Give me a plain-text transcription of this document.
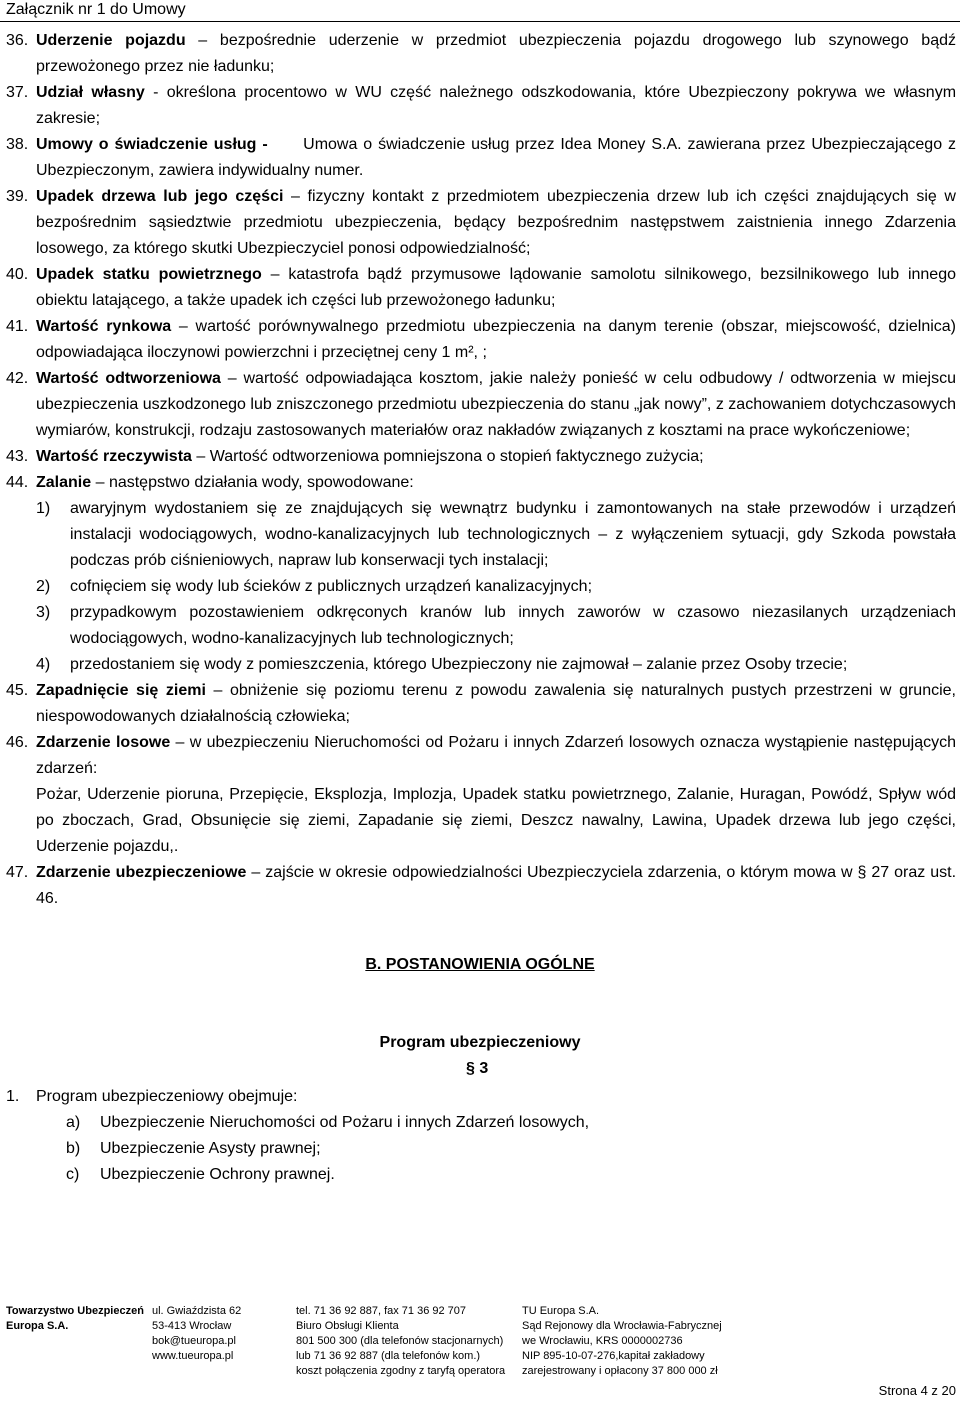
Załącznik nr 1 do Umowy
36. Uderzenie pojazdu – bezpośrednie uderzenie w przedmiot ubezpieczenia pojazdu drogowego lub szynowego bądź przewożonego przez nie ładunku;
37. Udział własny - określona procentowo w WU część należnego odszkodowania, które Ubezpieczony pokrywa we własnym zakresie;
38. Umowy o świadczenie usług - Umowa o świadczenie usług przez Idea Money S.A. zawierana przez Ubezpieczającego z Ubezpieczonym, zawiera indywidualny numer.
39. Upadek drzewa lub jego części – fizyczny kontakt z przedmiotem ubezpieczenia drzew lub ich części znajdujących się w bezpośrednim sąsiedztwie przedmiotu ubezpieczenia, będący bezpośrednim następstwem zaistnienia innego Zdarzenia losowego, za którego skutki Ubezpieczyciel ponosi odpowiedzialność;
40. Upadek statku powietrznego – katastrofa bądź przymusowe lądowanie samolotu silnikowego, bezsilnikowego lub innego obiektu latającego, a także upadek ich części lub przewożonego ładunku;
41. Wartość rynkowa – wartość porównywalnego przedmiotu ubezpieczenia na danym terenie (obszar, miejscowość, dzielnica) odpowiadająca iloczynowi powierzchni i przeciętnej ceny 1 m², ;
42. Wartość odtworzeniowa – wartość odpowiadająca kosztom, jakie należy ponieść w celu odbudowy / odtworzenia w miejscu ubezpieczenia uszkodzonego lub zniszczonego przedmiotu ubezpieczenia do stanu „jak nowy”, z zachowaniem dotychczasowych wymiarów, konstrukcji, rodzaju zastosowanych materiałów oraz nakładów związanych z kosztami na prace wykończeniowe;
43. Wartość rzeczywista – Wartość odtworzeniowa pomniejszona o stopień faktycznego zużycia;
44. Zalanie – następstwo działania wody, spowodowane:
1)	awaryjnym wydostaniem się ze znajdujących się wewnątrz budynku i zamontowanych na stałe przewodów i urządzeń instalacji wodociągowych, wodno-kanalizacyjnych lub technologicznych – z wyłączeniem sytuacji, gdy Szkoda powstała podczas prób ciśnieniowych, napraw lub konserwacji tych instalacji;
2)	cofnięciem się wody lub ścieków z publicznych urządzeń kanalizacyjnych;
3)	przypadkowym pozostawieniem odkręconych kranów lub innych zaworów w czasowo niezasilanych urządzeniach wodociągowych, wodno-kanalizacyjnych lub technologicznych;
4)	przedostaniem się wody z pomieszczenia, którego Ubezpieczony nie zajmował – zalanie przez Osoby trzecie;
45. Zapadnięcie się ziemi – obniżenie się poziomu terenu z powodu zawalenia się naturalnych pustych przestrzeni w gruncie, niespowodowanych działalnością człowieka;
46. Zdarzenie losowe – w ubezpieczeniu Nieruchomości od Pożaru i innych Zdarzeń losowych oznacza wystąpienie następujących zdarzeń:
Pożar, Uderzenie pioruna, Przepięcie, Eksplozja, Implozja, Upadek statku powietrznego, Zalanie, Huragan, Powódź, Spływ wód po zboczach, Grad, Obsunięcie się ziemi, Zapadanie się ziemi, Deszcz nawalny, Lawina, Upadek drzewa lub jego części, Uderzenie pojazdu,.
47. Zdarzenie ubezpieczeniowe – zajście w okresie odpowiedzialności Ubezpieczyciela zdarzenia, o którym mowa w § 27 oraz ust. 46.
B. POSTANOWIENIA OGÓLNE
Program ubezpieczeniowy
§ 3
1.	Program ubezpieczeniowy obejmuje:
a)	Ubezpieczenie Nieruchomości od Pożaru i innych Zdarzeń losowych,
b)	Ubezpieczenie Asysty prawnej;
c)	Ubezpieczenie Ochrony prawnej.
Towarzystwo Ubezpieczeń
Europa S.A.
ul. Gwiaździsta 62
53-413 Wrocław
bok@tueuropa.pl
www.tueuropa.pl
tel. 71 36 92 887, fax 71 36 92 707
Biuro Obsługi Klienta
801 500 300 (dla telefonów stacjonarnych)
lub 71 36 92 887 (dla telefonów kom.)
koszt połączenia zgodny z taryfą operatora
TU Europa S.A.
Sąd Rejonowy dla Wrocławia-Fabrycznej
we Wrocławiu, KRS 0000002736
NIP 895-10-07-276,kapitał zakładowy
zarejestrowany i opłacony 37 800 000 zł
Strona 4 z 20
